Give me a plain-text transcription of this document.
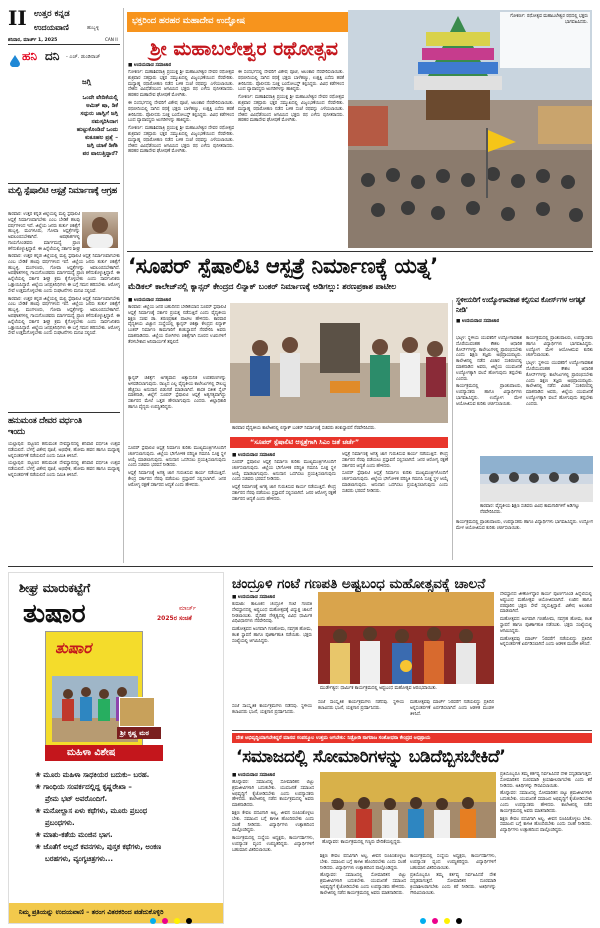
II ಉತ್ತರ ಕನ್ನಡ
ಉದಯವಾಣಿ	ಹುಬ್ಬಳ್ಳಿ
ಶನಿವಾರ, ಮಾರ್ಚ್ 1, 2025	CAN II
ಹನಿ ದನಿ - ಎಚ್. ಡುಂಡಿರಾಜ್
ಜಗ್ಗಿ
ಒಂದೇ ವೇದಿಕೆಯಲ್ಲಿ
ಅಮಿತ್ ಷಾ, ಡಿಕೆ
ಸದ್ಗುರು ಜಾಗ್ವಿಗೆ ಜಗ್ಗಿ
ನಮಸ್ಕರಿಸಿದಾಗ
ಹುಟ್ಟುಕೊಂಡಿದೆ ಒಂದು
ಕುತೂಹಲ ಪ್ರಶ್ನೆ –
ಜಗ್ಗಿ ಯಾಕೆ ಡಿಕೆಶಿ
ಪರ ವಾಲುತ್ತಿದ್ದಾರೆ?
ಮಲ್ಟಿ ಸ್ಪೆಷಾಲಿಟಿ ಆಸ್ಪತ್ರೆ ನಿರ್ಮಾಣಕ್ಕೆ ಆಗ್ರಹ

ಕಾರವಾರ: ಉತ್ತರ ಕನ್ನಡ ಜಿಲ್ಲೆಯಲ್ಲಿ ಮಲ್ಟಿ ಸ್ಪೆಷಾಲಿಟಿ ಆಸ್ಪತ್ರೆ ನಿರ್ಮಾಣವಾಗಬೇಕು ಎಂಬ ಬೇಡಿಕೆ ಹಲವು ವರ್ಷಗಳಿಂದ ಇದೆ. ಜಿಲ್ಲೆಯ ಜನರು ತುರ್ತು ಚಿಕಿತ್ಸೆಗೆ ಹುಬ್ಬಳ್ಳಿ, ಮಂಗಳೂರು, ಗೋವಾ ಆಸ್ಪತ್ರೆಗಳನ್ನು ಅವಲಂಬಿಸಬೇಕಾಗಿದೆ. ಅಪಘಾತಗಳಲ್ಲಿ ಗಾಯಗೊಂಡವರು ಮಾರ್ಗಮಧ್ಯೆ ಪ್ರಾಣ ಕಳೆದುಕೊಳ್ಳುತ್ತಿದ್ದಾರೆ. ಈ ಹಿನ್ನೆಲೆಯಲ್ಲಿ ಸರ್ಕಾರ ಶೀಘ್ರ

ಕಾರವಾರ: ಉತ್ತರ ಕನ್ನಡ ಜಿಲ್ಲೆಯಲ್ಲಿ ಮಲ್ಟಿ ಸ್ಪೆಷಾಲಿಟಿ ಆಸ್ಪತ್ರೆ ನಿರ್ಮಾಣವಾಗಬೇಕು ಎಂಬ ಬೇಡಿಕೆ ಹಲವು ವರ್ಷಗಳಿಂದ ಇದೆ. ಜಿಲ್ಲೆಯ ಜನರು ತುರ್ತು ಚಿಕಿತ್ಸೆಗೆ ಹುಬ್ಬಳ್ಳಿ, ಮಂಗಳೂರು, ಗೋವಾ ಆಸ್ಪತ್ರೆಗಳನ್ನು ಅವಲಂಬಿಸಬೇಕಾಗಿದೆ. ಅಪಘಾತಗಳಲ್ಲಿ ಗಾಯಗೊಂಡವರು ಮಾರ್ಗಮಧ್ಯೆ ಪ್ರಾಣ ಕಳೆದುಕೊಳ್ಳುತ್ತಿದ್ದಾರೆ. ಈ ಹಿನ್ನೆಲೆಯಲ್ಲಿ ಸರ್ಕಾರ ಶೀಘ್ರ ಕ್ರಮ ಕೈಗೊಳ್ಳಬೇಕು ಎಂದು ಸಾರ್ವಜನಿಕರು ಒತ್ತಾಯಿಸಿದ್ದಾರೆ. ಜಿಲ್ಲೆಯ ಜನಪ್ರತಿನಿಧಿಗಳು ಈ ಬಗ್ಗೆ ಗಮನ ಹರಿಸಬೇಕು. ಆರೋಗ್ಯ ಸೇವೆ ಉತ್ತಮಗೊಳ್ಳಬೇಕು ಎಂದು ಸಂಘಟನೆಗಳು ಮನವಿ ಸಲ್ಲಿಸಿವೆ.

ಕಾರವಾರ: ಉತ್ತರ ಕನ್ನಡ ಜಿಲ್ಲೆಯಲ್ಲಿ ಮಲ್ಟಿ ಸ್ಪೆಷಾಲಿಟಿ ಆಸ್ಪತ್ರೆ ನಿರ್ಮಾಣವಾಗಬೇಕು ಎಂಬ ಬೇಡಿಕೆ ಹಲವು ವರ್ಷಗಳಿಂದ ಇದೆ. ಜಿಲ್ಲೆಯ ಜನರು ತುರ್ತು ಚಿಕಿತ್ಸೆಗೆ ಹುಬ್ಬಳ್ಳಿ, ಮಂಗಳೂರು, ಗೋವಾ ಆಸ್ಪತ್ರೆಗಳನ್ನು ಅವಲಂಬಿಸಬೇಕಾಗಿದೆ. ಅಪಘಾತಗಳಲ್ಲಿ ಗಾಯಗೊಂಡವರು ಮಾರ್ಗಮಧ್ಯೆ ಪ್ರಾಣ ಕಳೆದುಕೊಳ್ಳುತ್ತಿದ್ದಾರೆ. ಈ ಹಿನ್ನೆಲೆಯಲ್ಲಿ ಸರ್ಕಾರ ಶೀಘ್ರ ಕ್ರಮ ಕೈಗೊಳ್ಳಬೇಕು ಎಂದು ಸಾರ್ವಜನಿಕರು ಒತ್ತಾಯಿಸಿದ್ದಾರೆ. ಜಿಲ್ಲೆಯ ಜನಪ್ರತಿನಿಧಿಗಳು ಈ ಬಗ್ಗೆ ಗಮನ ಹರಿಸಬೇಕು. ಆರೋಗ್ಯ ಸೇವೆ ಉತ್ತಮಗೊಳ್ಳಬೇಕು ಎಂದು ಸಂಘಟನೆಗಳು ಮನವಿ ಸಲ್ಲಿಸಿವೆ.

ಹನುಮಂತ ದೇವರ ವರ್ಧಂತಿ ಇಂದು

ಯಲ್ಲಾಪುರ: ಪಟ್ಟಣದ ಹನುಮಂತ ದೇವಸ್ಥಾನದಲ್ಲಿ ಶನಿವಾರ ವರ್ಧಂತಿ ಉತ್ಸವ ನಡೆಯಲಿದೆ. ಬೆಳಗ್ಗೆ ವಿಶೇಷ ಪೂಜೆ, ಅಭಿಷೇಕ, ಹೋಮ ಹವನ ಹಾಗೂ ಮಧ್ಯಾಹ್ನ ಅನ್ನಸಂತರ್ಪಣೆ ನಡೆಯಲಿದೆ ಎಂದು ಸಮಿತಿ ತಿಳಿಸಿದೆ.

ಯಲ್ಲಾಪುರ: ಪಟ್ಟಣದ ಹನುಮಂತ ದೇವಸ್ಥಾನದಲ್ಲಿ ಶನಿವಾರ ವರ್ಧಂತಿ ಉತ್ಸವ ನಡೆಯಲಿದೆ. ಬೆಳಗ್ಗೆ ವಿಶೇಷ ಪೂಜೆ, ಅಭಿಷೇಕ, ಹೋಮ ಹವನ ಹಾಗೂ ಮಧ್ಯಾಹ್ನ ಅನ್ನಸಂತರ್ಪಣೆ ನಡೆಯಲಿದೆ ಎಂದು ಸಮಿತಿ ತಿಳಿಸಿದೆ.

ಭಕ್ತರಿಂದ ಹರಹರ ಮಹಾದೇವ ಉದ್ಘೋಷ
ಶ್ರೀ ಮಹಾಬಲೇಶ್ವರ ರಥೋತ್ಸವ
■ ಉದಯವಾಣಿ ಸಮಾಚಾರ

ಗೋಕರ್ಣ: ಮಹಾಶಿವರಾತ್ರಿ ಪ್ರಯುಕ್ತ ಶ್ರೀ ಮಹಾಬಲೇಶ್ವರ ದೇವರ ರಥೋತ್ಸವ ಶುಕ್ರವಾರ ಸಹಸ್ರಾರು ಭಕ್ತರ ಸಮ್ಮುಖದಲ್ಲಿ ವಿಜೃಂಭಣೆಯಿಂದ ನೆರವೇರಿತು. ಮಧ್ಯಾಹ್ನ ರಥಾರೋಹಣ ನಡೆದ ಬಳಿಕ ಸಂಜೆ ರಥವನ್ನು ಎಳೆಯಲಾಯಿತು. ದೇಶದ ವಿವಿಧೆಡೆಯಿಂದ ಆಗಮಿಸಿದ ಭಕ್ತರು ರಥ ಎಳೆದು ಪುನೀತರಾದರು. ಹರಹರ ಮಹಾದೇವ ಘೋಷಣೆ ಮೊಳಗಿತು.

ಈ ಸಂದರ್ಭದಲ್ಲಿ ದೇವರಿಗೆ ವಿಶೇಷ ಪೂಜೆ, ಅಲಂಕಾರ ನೆರವೇರಿಸಲಾಯಿತು. ರಥಬೀದಿಯಲ್ಲಿ ಸಾಗಿದ ರಥಕ್ಕೆ ಭಕ್ತರು ಬಾಳೆಹಣ್ಣು, ಉತ್ತತ್ತಿ ಎಸೆದು ಹರಕೆ ತೀರಿಸಿದರು. ಪೊಲೀಸರು ಸೂಕ್ತ ಬಂದೋಬಸ್ತ್ ಕಲ್ಪಿಸಿದ್ದರು. ವಿವಿಧ ಕಡೆಗಳಿಂದ ಬಂದ ವ್ಯಾಪಾರಸ್ಥರು ಅಂಗಡಿಗಳನ್ನು ಹಾಕಿದ್ದರು.

ಗೋಕರ್ಣ: ಮಹಾಶಿವರಾತ್ರಿ ಪ್ರಯುಕ್ತ ಶ್ರೀ ಮಹಾಬಲೇಶ್ವರ ದೇವರ ರಥೋತ್ಸವ ಶುಕ್ರವಾರ ಸಹಸ್ರಾರು ಭಕ್ತರ ಸಮ್ಮುಖದಲ್ಲಿ ವಿಜೃಂಭಣೆಯಿಂದ ನೆರವೇರಿತು. ಮಧ್ಯಾಹ್ನ ರಥಾರೋಹಣ ನಡೆದ ಬಳಿಕ ಸಂಜೆ ರಥವನ್ನು ಎಳೆಯಲಾಯಿತು. ದೇಶದ ವಿವಿಧೆಡೆಯಿಂದ ಆಗಮಿಸಿದ ಭಕ್ತರು ರಥ ಎಳೆದು ಪುನೀತರಾದರು. ಹರಹರ ಮಹಾದೇವ ಘೋಷಣೆ ಮೊಳಗಿತು.

ಈ ಸಂದರ್ಭದಲ್ಲಿ ದೇವರಿಗೆ ವಿಶೇಷ ಪೂಜೆ, ಅಲಂಕಾರ ನೆರವೇರಿಸಲಾಯಿತು. ರಥಬೀದಿಯಲ್ಲಿ ಸಾಗಿದ ರಥಕ್ಕೆ ಭಕ್ತರು ಬಾಳೆಹಣ್ಣು, ಉತ್ತತ್ತಿ ಎಸೆದು ಹರಕೆ ತೀರಿಸಿದರು. ಪೊಲೀಸರು ಸೂಕ್ತ ಬಂದೋಬಸ್ತ್ ಕಲ್ಪಿಸಿದ್ದರು. ವಿವಿಧ ಕಡೆಗಳಿಂದ ಬಂದ ವ್ಯಾಪಾರಸ್ಥರು ಅಂಗಡಿಗಳನ್ನು ಹಾಕಿದ್ದರು.

ಗೋಕರ್ಣ: ಮಹಾಶಿವರಾತ್ರಿ ಪ್ರಯುಕ್ತ ಶ್ರೀ ಮಹಾಬಲೇಶ್ವರ ದೇವರ ರಥೋತ್ಸವ ಶುಕ್ರವಾರ ಸಹಸ್ರಾರು ಭಕ್ತರ ಸಮ್ಮುಖದಲ್ಲಿ ವಿಜೃಂಭಣೆಯಿಂದ ನೆರವೇರಿತು. ಮಧ್ಯಾಹ್ನ ರಥಾರೋಹಣ ನಡೆದ ಬಳಿಕ ಸಂಜೆ ರಥವನ್ನು ಎಳೆಯಲಾಯಿತು. ದೇಶದ ವಿವಿಧೆಡೆಯಿಂದ ಆಗಮಿಸಿದ ಭಕ್ತರು ರಥ ಎಳೆದು ಪುನೀತರಾದರು. ಹರಹರ ಮಹಾದೇವ ಘೋಷಣೆ ಮೊಳಗಿತು.

ಗೋಕರ್ಣ: ರಥೋತ್ಸವ ಮಹಾಬಲೇಶ್ವರ ರಥದಲ್ಲಿ ಭಕ್ತರು ಭಾಗವಹಿಸಿದರು.
‘ಸೂಪರ್ ಸ್ಪೆಷಾಲಿಟಿ ಆಸ್ಪತ್ರೆ ನಿರ್ಮಾಣಕ್ಕೆ ಯತ್ನ’
ಮೆಡಿಕಲ್ ಕಾಲೇಜ್‌ನಲ್ಲಿ ಕ್ಯಾನ್ಸರ್ ಕೇಂದ್ರದ ಲಿನ್ಯಾಕ್ ಬಂಕರ್ ನಿರ್ಮಾಣಕ್ಕೆ ಅಡಿಗಲ್ಲು: ಶರಣಪ್ರಕಾಶ ಪಾಟೀಲ
■ ಉದಯವಾಣಿ ಸಮಾಚಾರ

ಕಾರವಾರ: ಜಿಲ್ಲೆಯ ಜನರ ಬಹುದಿನದ ಬೇಡಿಕೆಯಾದ ಸೂಪರ್ ಸ್ಪೆಷಾಲಿಟಿ ಆಸ್ಪತ್ರೆ ನಿರ್ಮಾಣಕ್ಕೆ ಸರ್ಕಾರ ಪ್ರಯತ್ನ ನಡೆಸುತ್ತಿದೆ ಎಂದು ವೈದ್ಯಕೀಯ ಶಿಕ್ಷಣ ಸಚಿವ ಡಾ. ಶರಣಪ್ರಕಾಶ ಪಾಟೀಲ ಹೇಳಿದರು. ಕಾರವಾರ ವೈದ್ಯಕೀಯ ವಿಜ್ಞಾನ ಸಂಸ್ಥೆಯಲ್ಲಿ ಕ್ಯಾನ್ಸರ್ ಚಿಕಿತ್ಸಾ ಕೇಂದ್ರದ ಲಿನ್ಯಾಕ್ ಬಂಕರ್ ನಿರ್ಮಾಣ ಕಾಮಗಾರಿಗೆ ಶಂಕುಸ್ಥಾಪನೆ ನೆರವೇರಿಸಿ ಅವರು ಮಾತನಾಡಿದರು. ಜಿಲ್ಲೆಯ ರೋಗಿಗಳು ಚಿಕಿತ್ಸೆಗಾಗಿ ದೂರದ ಊರುಗಳಿಗೆ ತೆರಳಬೇಕಾದ ಅನಿವಾರ್ಯತೆ ತಪ್ಪಲಿದೆ.

ಕ್ಯಾನ್ಸರ್ ಚಿಕಿತ್ಸೆಗೆ ಅಗತ್ಯವಾದ ಅತ್ಯಾಧುನಿಕ ಉಪಕರಣಗಳನ್ನು ಅಳವಡಿಸಲಾಗುವುದು. ರಾಜ್ಯದ ಎಲ್ಲ ವೈದ್ಯಕೀಯ ಕಾಲೇಜುಗಳಲ್ಲಿ ಸೌಲಭ್ಯ ಹೆಚ್ಚಿಸಲು ಅನುದಾನ ಬಿಡುಗಡೆ ಮಾಡಲಾಗಿದೆ. ಶಾಸಕ ಸತೀಶ ಸೈಲ್ ಮಾತನಾಡಿ, ಜಿಲ್ಲೆಗೆ ಸೂಪರ್ ಸ್ಪೆಷಾಲಿಟಿ ಆಸ್ಪತ್ರೆ ಅತ್ಯಗತ್ಯವಾಗಿದ್ದು ಸರ್ಕಾರದ ಮೇಲೆ ಒತ್ತಡ ಹೇರಲಾಗುವುದು ಎಂದರು. ಜಿಲ್ಲಾಧಿಕಾರಿ ಹಾಗೂ ವೈದ್ಯರು ಉಪಸ್ಥಿತರಿದ್ದರು.

ಸೂಪರ್ ಸ್ಪೆಷಾಲಿಟಿ ಆಸ್ಪತ್ರೆ ನಿರ್ಮಾಣ ಕುರಿತು ಮುಖ್ಯಮಂತ್ರಿಗಳೊಂದಿಗೆ ಚರ್ಚಿಸಲಾಗುವುದು. ಜಿಲ್ಲೆಯ ಭೌಗೋಳಿಕ ಪರಿಸ್ಥಿತಿ ಗಮನಿಸಿ ಸೂಕ್ತ ಸ್ಥಳ ಆಯ್ಕೆ ಮಾಡಲಾಗುವುದು. ಅನುದಾನ ಒದಗಿಸಲು ಪ್ರಯತ್ನಿಸಲಾಗುವುದು ಎಂದು ಸಚಿವರು ಭರವಸೆ ನೀಡಿದರು.

ಆಸ್ಪತ್ರೆ ನಿರ್ಮಾಣಕ್ಕೆ ಅಗತ್ಯ ಜಾಗ ಗುರುತಿಸುವ ಕಾರ್ಯ ನಡೆಯುತ್ತಿದೆ. ಕೇಂದ್ರ ಸರ್ಕಾರದ ನೆರವು ಪಡೆಯಲು ಪ್ರಸ್ತಾವನೆ ಸಲ್ಲಿಸಲಾಗಿದೆ. ಜನರ ಆರೋಗ್ಯ ರಕ್ಷಣೆ ಸರ್ಕಾರದ ಆದ್ಯತೆ ಎಂದು ಹೇಳಿದರು.

ಕಾರವಾರ ವೈದ್ಯಕೀಯ ಕಾಲೇಜಿನಲ್ಲಿ ಲಿನ್ಯಾಕ್ ಬಂಕರ್ ನಿರ್ಮಾಣಕ್ಕೆ ಸಚಿವರು ಶಂಕುಸ್ಥಾಪನೆ ನೆರವೇರಿಸಿದರು.
“ಸೂಪರ್ ಸ್ಪೆಷಾಲಿಟಿ ಆಸ್ಪತ್ರೆಗಾಗಿ ಸಿಎಂ ಜತೆ ಚರ್ಚೆ”
■ ಉದಯವಾಣಿ ಸಮಾಚಾರ

ಸೂಪರ್ ಸ್ಪೆಷಾಲಿಟಿ ಆಸ್ಪತ್ರೆ ನಿರ್ಮಾಣ ಕುರಿತು ಮುಖ್ಯಮಂತ್ರಿಗಳೊಂದಿಗೆ ಚರ್ಚಿಸಲಾಗುವುದು. ಜಿಲ್ಲೆಯ ಭೌಗೋಳಿಕ ಪರಿಸ್ಥಿತಿ ಗಮನಿಸಿ ಸೂಕ್ತ ಸ್ಥಳ ಆಯ್ಕೆ ಮಾಡಲಾಗುವುದು. ಅನುದಾನ ಒದಗಿಸಲು ಪ್ರಯತ್ನಿಸಲಾಗುವುದು ಎಂದು ಸಚಿವರು ಭರವಸೆ ನೀಡಿದರು.

ಆಸ್ಪತ್ರೆ ನಿರ್ಮಾಣಕ್ಕೆ ಅಗತ್ಯ ಜಾಗ ಗುರುತಿಸುವ ಕಾರ್ಯ ನಡೆಯುತ್ತಿದೆ. ಕೇಂದ್ರ ಸರ್ಕಾರದ ನೆರವು ಪಡೆಯಲು ಪ್ರಸ್ತಾವನೆ ಸಲ್ಲಿಸಲಾಗಿದೆ. ಜನರ ಆರೋಗ್ಯ ರಕ್ಷಣೆ ಸರ್ಕಾರದ ಆದ್ಯತೆ ಎಂದು ಹೇಳಿದರು.

ಆಸ್ಪತ್ರೆ ನಿರ್ಮಾಣಕ್ಕೆ ಅಗತ್ಯ ಜಾಗ ಗುರುತಿಸುವ ಕಾರ್ಯ ನಡೆಯುತ್ತಿದೆ. ಕೇಂದ್ರ ಸರ್ಕಾರದ ನೆರವು ಪಡೆಯಲು ಪ್ರಸ್ತಾವನೆ ಸಲ್ಲಿಸಲಾಗಿದೆ. ಜನರ ಆರೋಗ್ಯ ರಕ್ಷಣೆ ಸರ್ಕಾರದ ಆದ್ಯತೆ ಎಂದು ಹೇಳಿದರು.

ಸೂಪರ್ ಸ್ಪೆಷಾಲಿಟಿ ಆಸ್ಪತ್ರೆ ನಿರ್ಮಾಣ ಕುರಿತು ಮುಖ್ಯಮಂತ್ರಿಗಳೊಂದಿಗೆ ಚರ್ಚಿಸಲಾಗುವುದು. ಜಿಲ್ಲೆಯ ಭೌಗೋಳಿಕ ಪರಿಸ್ಥಿತಿ ಗಮನಿಸಿ ಸೂಕ್ತ ಸ್ಥಳ ಆಯ್ಕೆ ಮಾಡಲಾಗುವುದು. ಅನುದಾನ ಒದಗಿಸಲು ಪ್ರಯತ್ನಿಸಲಾಗುವುದು ಎಂದು ಸಚಿವರು ಭರವಸೆ ನೀಡಿದರು.

ಸ್ಥಳೀಯರಿಗೆ ಉದ್ಯೋಗಾವಕಾಶ ಕಲ್ಪಿಸುವ ಕೋರ್ಸ್‌ಗಳ ಅಗತ್ಯತೆ ನೀಡಿ'
■ ಉದಯವಾಣಿ ಸಮಾಚಾರ

ಭಟ್ಕಳ: ಸ್ಥಳೀಯ ಯುವಕರಿಗೆ ಉದ್ಯೋಗಾವಕಾಶ ದೊರೆಯುವಂತಹ ಕೌಶಲ ಆಧಾರಿತ ಕೋರ್ಸ್‌ಗಳನ್ನು ಕಾಲೇಜುಗಳಲ್ಲಿ ಪ್ರಾರಂಭಿಸಬೇಕು ಎಂದು ಶಿಕ್ಷಣ ತಜ್ಞರು ಅಭಿಪ್ರಾಯಪಟ್ಟರು. ಕಾಲೇಜಿನಲ್ಲಿ ನಡೆದ ವಿಚಾರ ಸಂಕಿರಣದಲ್ಲಿ ಮಾತನಾಡಿದ ಅವರು, ಜಿಲ್ಲೆಯ ಯುವಜನತೆ ಉದ್ಯೋಗಕ್ಕಾಗಿ ವಲಸೆ ಹೋಗುವುದು ತಪ್ಪಬೇಕು ಎಂದರು.

ಕಾರ್ಯಕ್ರಮದಲ್ಲಿ ಪ್ರಾಂಶುಪಾಲರು, ಉಪನ್ಯಾಸಕರು ಹಾಗೂ ವಿದ್ಯಾರ್ಥಿಗಳು ಭಾಗವಹಿಸಿದ್ದರು. ಉದ್ಯೋಗ ಮೇಳ ಆಯೋಜಿಸುವ ಕುರಿತು ಚರ್ಚಿಸಲಾಯಿತು.

ಕಾರ್ಯಕ್ರಮದಲ್ಲಿ ಪ್ರಾಂಶುಪಾಲರು, ಉಪನ್ಯಾಸಕರು ಹಾಗೂ ವಿದ್ಯಾರ್ಥಿಗಳು ಭಾಗವಹಿಸಿದ್ದರು. ಉದ್ಯೋಗ ಮೇಳ ಆಯೋಜಿಸುವ ಕುರಿತು ಚರ್ಚಿಸಲಾಯಿತು.

ಭಟ್ಕಳ: ಸ್ಥಳೀಯ ಯುವಕರಿಗೆ ಉದ್ಯೋಗಾವಕಾಶ ದೊರೆಯುವಂತಹ ಕೌಶಲ ಆಧಾರಿತ ಕೋರ್ಸ್‌ಗಳನ್ನು ಕಾಲೇಜುಗಳಲ್ಲಿ ಪ್ರಾರಂಭಿಸಬೇಕು ಎಂದು ಶಿಕ್ಷಣ ತಜ್ಞರು ಅಭಿಪ್ರಾಯಪಟ್ಟರು. ಕಾಲೇಜಿನಲ್ಲಿ ನಡೆದ ವಿಚಾರ ಸಂಕಿರಣದಲ್ಲಿ ಮಾತನಾಡಿದ ಅವರು, ಜಿಲ್ಲೆಯ ಯುವಜನತೆ ಉದ್ಯೋಗಕ್ಕಾಗಿ ವಲಸೆ ಹೋಗುವುದು ತಪ್ಪಬೇಕು ಎಂದರು.

ಕಾರವಾರ: ವೈದ್ಯಕೀಯ ಶಿಕ್ಷಣ ಸಚಿವರು ವಿವಿಧ ಕಾಮಗಾರಿಗಳಿಗೆ ಅಡಿಗಲ್ಲು ನೆರವೇರಿಸಿದರು.

ಕಾರ್ಯಕ್ರಮದಲ್ಲಿ ಪ್ರಾಂಶುಪಾಲರು, ಉಪನ್ಯಾಸಕರು ಹಾಗೂ ವಿದ್ಯಾರ್ಥಿಗಳು ಭಾಗವಹಿಸಿದ್ದರು. ಉದ್ಯೋಗ ಮೇಳ ಆಯೋಜಿಸುವ ಕುರಿತು ಚರ್ಚಿಸಲಾಯಿತು.

ಶೀಘ್ರ ಮಾರುಕಟ್ಟೆಗೆ
ತುಷಾರ	ಮಾರ್ಚ್
2025ರ ಸಂಚಿಕೆ
ತುಷಾರ
ಶ್ರೀ ಕೃಷ್ಣ ಮಠ
ಮಹಿಳಾ ವಿಶೇಷ
❀ ಮೂರು ಮಹಿಳಾ ಸಾಧಕಿಯರ ಬದುಕು– ಬರಹ.
❀ ಗಾಂಧಿಯ ಸಂಪರ್ಕದಲ್ಲಿದ್ದ ಕೃಷ್ಣರೇಖಾ –
ಪ್ರೇಮ ಭಟ್ ಅವರೊಂದಿಗೆ.
❀ ಮನೋಲ್ಲಾಸ ಏಳು ಕಥೆಗಳು, ಮೂರು ಪ್ರಬಂಧ
ಪ್ರಬಂಧಗಳು.
❀ ಮಾತು-ಕತೆಯ ಮಂಜಿನ ಭಾಗ.
❀ ಜೊತೆಗೆ ಅಲ್ಲದೆ ಕವನಗಳು, ಪುಸ್ತಕ ಕಥೆಗಳು, ಅಂಕಣ
ಬರಹಗಳು, ವ್ಯಂಗ್ಯಚಿತ್ರಗಳು...
ನಿಮ್ಮ ಪ್ರತಿಯನ್ನು ಉದಯವಾಣಿ – ತರಂಗ ವಿತರಕರಿಂದ ಪಡೆದುಕೊಳ್ಳಿರಿ
ಚಂದ್ರೂಳಿ ಗಂಟೆ ಗಣಪತಿ ಅಷ್ಟಬಂಧ ಮಹೋತ್ಸವಕ್ಕೆ ಚಾಲನೆ
■ ಉದಯವಾಣಿ ಸಮಾಚಾರ

ಕುಮಟಾ: ತಾಲೂಕಿನ ಚಂದ್ರೂಳಿ ಗಂಟೆ ಗಣಪತಿ ದೇವಸ್ಥಾನದಲ್ಲಿ ಅಷ್ಟಬಂಧ ಮಹೋತ್ಸವಕ್ಕೆ ವಿಧ್ಯುಕ್ತ ಚಾಲನೆ ನೀಡಲಾಯಿತು. ವೈದಿಕರ ನೇತೃತ್ವದಲ್ಲಿ ವಿವಿಧ ಧಾರ್ಮಿಕ ವಿಧಿವಿಧಾನಗಳು ನೆರವೇರಿದವು.

ಮಹೋತ್ಸವದ ಅಂಗವಾಗಿ ಗಣಹೋಮ, ನವಗ್ರಹ ಹೋಮ, ಕಲಶ ಸ್ಥಾಪನೆ ಹಾಗೂ ಪೂರ್ಣಾಹುತಿ ನಡೆಯಿತು. ಭಕ್ತರು ಸಂಖ್ಯೆಯಲ್ಲಿ ಆಗಮಿಸಿದ್ದರು.

ಮುರ್ಡೇಶ್ವರ: ಧಾರ್ಮಿಕ ಕಾರ್ಯಕ್ರಮದಲ್ಲಿ ಅಷ್ಟಬಂಧ ಮಹೋತ್ಸವ ಆರಂಭವಾಯಿತು.

ಸಂಜೆ ಸಾಂಸ್ಕೃತಿಕ ಕಾರ್ಯಕ್ರಮಗಳು ನಡೆದವು. ಸ್ಥಳೀಯ ಕಲಾವಿದರು ಭಜನೆ, ಯಕ್ಷಗಾನ ಪ್ರದರ್ಶಿಸಿದರು.

ಮಹೋತ್ಸವವು ಮಾರ್ಚ್ 5ರವರೆಗೆ ನಡೆಯಲಿದ್ದು ಪ್ರತಿದಿನ ಅನ್ನಸಂತರ್ಪಣೆ ಏರ್ಪಡಿಸಲಾಗಿದೆ ಎಂದು ಆಡಳಿತ ಮಂಡಳಿ ತಿಳಿಸಿದೆ.

ಸಂಜೆ ಸಾಂಸ್ಕೃತಿಕ ಕಾರ್ಯಕ್ರಮಗಳು ನಡೆದವು. ಸ್ಥಳೀಯ ಕಲಾವಿದರು ಭಜನೆ, ಯಕ್ಷಗಾನ ಪ್ರದರ್ಶಿಸಿದರು.

ದೇವಸ್ಥಾನದ ಜೀರ್ಣೋದ್ಧಾರ ಕಾರ್ಯ ಪೂರ್ಣಗೊಂಡ ಹಿನ್ನೆಲೆಯಲ್ಲಿ ಅಷ್ಟಬಂಧ ಮಹೋತ್ಸವ ಆಯೋಜಿಸಲಾಗಿದೆ. ಊರಿನ ಹಾಗೂ ಪರವೂರಿನ ಭಕ್ತರು ಸೇವೆ ಸಲ್ಲಿಸುತ್ತಿದ್ದಾರೆ. ವಿಶೇಷ ಅಲಂಕಾರ ಮಾಡಲಾಗಿದೆ.

ಮಹೋತ್ಸವದ ಅಂಗವಾಗಿ ಗಣಹೋಮ, ನವಗ್ರಹ ಹೋಮ, ಕಲಶ ಸ್ಥಾಪನೆ ಹಾಗೂ ಪೂರ್ಣಾಹುತಿ ನಡೆಯಿತು. ಭಕ್ತರು ಸಂಖ್ಯೆಯಲ್ಲಿ ಆಗಮಿಸಿದ್ದರು.

ಮಹೋತ್ಸವವು ಮಾರ್ಚ್ 5ರವರೆಗೆ ನಡೆಯಲಿದ್ದು ಪ್ರತಿದಿನ ಅನ್ನಸಂತರ್ಪಣೆ ಏರ್ಪಡಿಸಲಾಗಿದೆ ಎಂದು ಆಡಳಿತ ಮಂಡಳಿ ತಿಳಿಸಿದೆ.

ದೇಶ ಅಭಿವೃದ್ಧಿಯಾಗಬೇಕಿದ್ದರೆ ಮಾನವ ಸಂಪನ್ಮೂಲ ಉತ್ತಮ ಆಗಬೇಕು: ನಿಡ್ರೋಡಿ ನಾಗರಾಜ ಸಂಶೋಧನಾ ಕೇಂದ್ರದ ಅಭಿಪ್ರಾಯ
‘ಸಮಾಜದಲ್ಲಿ ಸೋಮಾರಿಗಳನ್ನು ಬಡಿದೆಬ್ಬಿಸಬೇಕಿದೆ’
■ ಉದಯವಾಣಿ ಸಮಾಚಾರ

ಹೊನ್ನಾವರ: ಸಮಾಜದಲ್ಲಿ ಸೋಮಾರಿತನ ಬಿಟ್ಟು ಶ್ರಮಜೀವಿಗಳಾಗಿ ಬದುಕಬೇಕು. ಯುವಜನತೆ ಸಮಾಜದ ಅಭಿವೃದ್ಧಿಗೆ ಕೈಜೋಡಿಸಬೇಕು ಎಂದು ಉಪನ್ಯಾಸಕರು ಹೇಳಿದರು. ಕಾಲೇಜಿನಲ್ಲಿ ನಡೆದ ಕಾರ್ಯಕ್ರಮದಲ್ಲಿ ಅವರು ಮಾತನಾಡಿದರು.

ಶಿಕ್ಷಣ ಕೇವಲ ಪದವಿಗಾಗಿ ಅಲ್ಲ, ಜೀವನ ರೂಪಿಸಿಕೊಳ್ಳಲು ಬೇಕು. ಸಮಾಜದ ಬಗ್ಗೆ ಕಾಳಜಿ ಹೊಂದಿರಬೇಕು ಎಂದು ಸಲಹೆ ನೀಡಿದರು. ವಿದ್ಯಾರ್ಥಿಗಳು ಉತ್ಸಾಹದಿಂದ ಪಾಲ್ಗೊಂಡಿದ್ದರು.

ಕಾರ್ಯಕ್ರಮದಲ್ಲಿ ಸಂಸ್ಥೆಯ ಅಧ್ಯಕ್ಷರು, ಕಾರ್ಯದರ್ಶಿಗಳು, ಉಪನ್ಯಾಸಕ ವೃಂದ ಉಪಸ್ಥಿತರಿದ್ದರು. ವಿದ್ಯಾರ್ಥಿಗಳಿಗೆ ಬಹುಮಾನ ವಿತರಿಸಲಾಯಿತು.

ಹೊನ್ನಾವರ: ಕಾರ್ಯಕ್ರಮದಲ್ಲಿ ಗಣ್ಯರು ವೇದಿಕೆಯಲ್ಲಿದ್ದರು.

ಶಿಕ್ಷಣ ಕೇವಲ ಪದವಿಗಾಗಿ ಅಲ್ಲ, ಜೀವನ ರೂಪಿಸಿಕೊಳ್ಳಲು ಬೇಕು. ಸಮಾಜದ ಬಗ್ಗೆ ಕಾಳಜಿ ಹೊಂದಿರಬೇಕು ಎಂದು ಸಲಹೆ ನೀಡಿದರು. ವಿದ್ಯಾರ್ಥಿಗಳು ಉತ್ಸಾಹದಿಂದ ಪಾಲ್ಗೊಂಡಿದ್ದರು.

ಹೊನ್ನಾವರ: ಸಮಾಜದಲ್ಲಿ ಸೋಮಾರಿತನ ಬಿಟ್ಟು ಶ್ರಮಜೀವಿಗಳಾಗಿ ಬದುಕಬೇಕು. ಯುವಜನತೆ ಸಮಾಜದ ಅಭಿವೃದ್ಧಿಗೆ ಕೈಜೋಡಿಸಬೇಕು ಎಂದು ಉಪನ್ಯಾಸಕರು ಹೇಳಿದರು. ಕಾಲೇಜಿನಲ್ಲಿ ನಡೆದ ಕಾರ್ಯಕ್ರಮದಲ್ಲಿ ಅವರು ಮಾತನಾಡಿದರು.

ಕಾರ್ಯಕ್ರಮದಲ್ಲಿ ಸಂಸ್ಥೆಯ ಅಧ್ಯಕ್ಷರು, ಕಾರ್ಯದರ್ಶಿಗಳು, ಉಪನ್ಯಾಸಕ ವೃಂದ ಉಪಸ್ಥಿತರಿದ್ದರು. ವಿದ್ಯಾರ್ಥಿಗಳಿಗೆ ಬಹುಮಾನ ವಿತರಿಸಲಾಯಿತು.

ಪ್ರತಿಯೊಬ್ಬರೂ ತಮ್ಮ ಕರ್ತವ್ಯ ನಿರ್ವಹಿಸಿದರೆ ದೇಶ ಸದೃಢವಾಗುತ್ತದೆ. ಸೋಮಾರಿತನ ದೂರಮಾಡಿ ಕ್ರಿಯಾಶೀಲರಾಗಬೇಕು ಎಂದು ಕರೆ ನೀಡಿದರು. ಅತಿಥಿಗಳನ್ನು ಗೌರವಿಸಲಾಯಿತು.

ಪ್ರತಿಯೊಬ್ಬರೂ ತಮ್ಮ ಕರ್ತವ್ಯ ನಿರ್ವಹಿಸಿದರೆ ದೇಶ ಸದೃಢವಾಗುತ್ತದೆ. ಸೋಮಾರಿತನ ದೂರಮಾಡಿ ಕ್ರಿಯಾಶೀಲರಾಗಬೇಕು ಎಂದು ಕರೆ ನೀಡಿದರು. ಅತಿಥಿಗಳನ್ನು ಗೌರವಿಸಲಾಯಿತು.

ಹೊನ್ನಾವರ: ಸಮಾಜದಲ್ಲಿ ಸೋಮಾರಿತನ ಬಿಟ್ಟು ಶ್ರಮಜೀವಿಗಳಾಗಿ ಬದುಕಬೇಕು. ಯುವಜನತೆ ಸಮಾಜದ ಅಭಿವೃದ್ಧಿಗೆ ಕೈಜೋಡಿಸಬೇಕು ಎಂದು ಉಪನ್ಯಾಸಕರು ಹೇಳಿದರು. ಕಾಲೇಜಿನಲ್ಲಿ ನಡೆದ ಕಾರ್ಯಕ್ರಮದಲ್ಲಿ ಅವರು ಮಾತನಾಡಿದರು.

ಶಿಕ್ಷಣ ಕೇವಲ ಪದವಿಗಾಗಿ ಅಲ್ಲ, ಜೀವನ ರೂಪಿಸಿಕೊಳ್ಳಲು ಬೇಕು. ಸಮಾಜದ ಬಗ್ಗೆ ಕಾಳಜಿ ಹೊಂದಿರಬೇಕು ಎಂದು ಸಲಹೆ ನೀಡಿದರು. ವಿದ್ಯಾರ್ಥಿಗಳು ಉತ್ಸಾಹದಿಂದ ಪಾಲ್ಗೊಂಡಿದ್ದರು.
